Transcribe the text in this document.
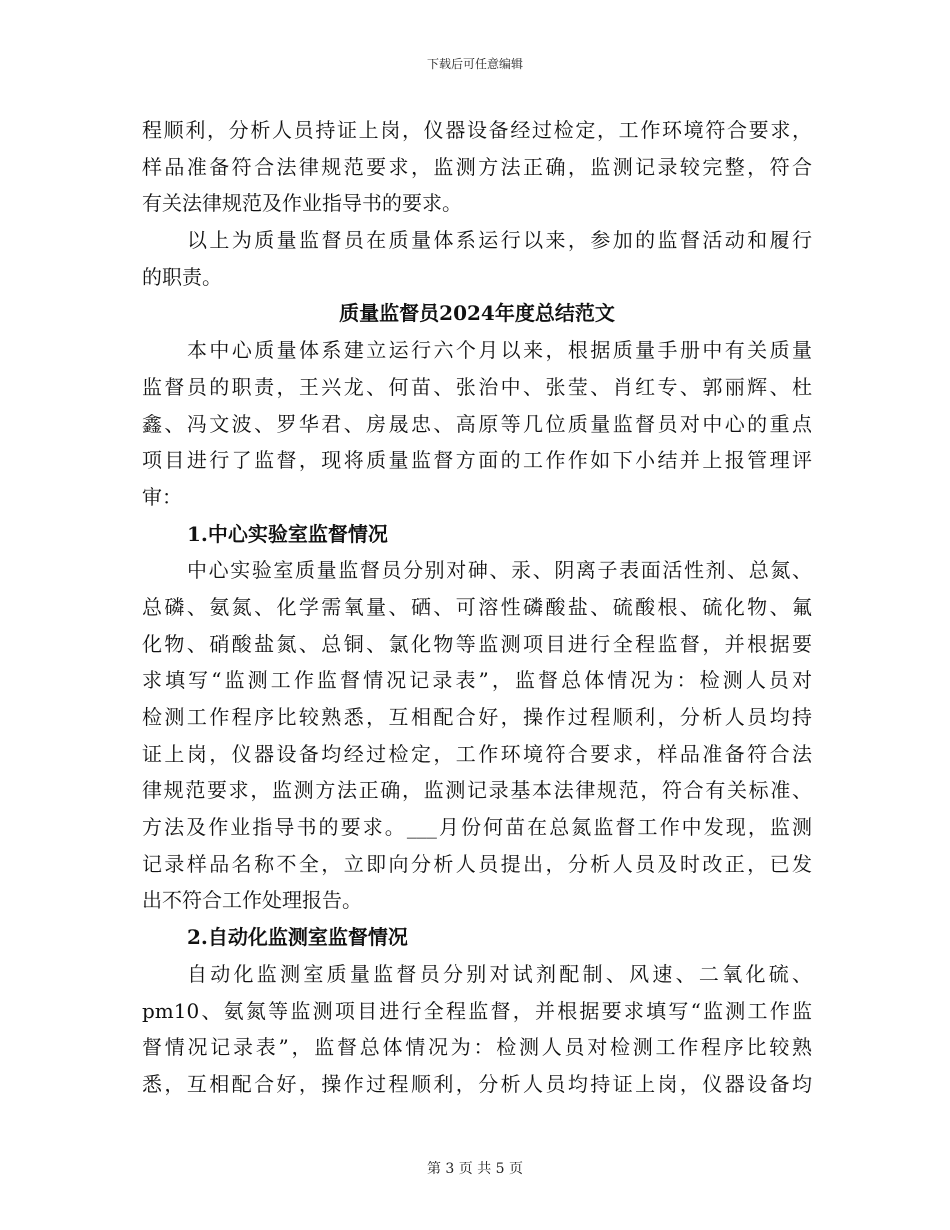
下载后可任意编辑
程顺利，分析人员持证上岗，仪器设备经过检定，工作环境符合要求，
样品准备符合法律规范要求，监测方法正确，监测记录较完整，符合
有关法律规范及作业指导书的要求。
以上为质量监督员在质量体系运行以来，参加的监督活动和履行
的职责。
质量监督员2024年度总结范文
本中心质量体系建立运行六个月以来，根据质量手册中有关质量
监督员的职责，王兴龙、何苗、张治中、张莹、肖红专、郭丽辉、杜
鑫、冯文波、罗华君、房晟忠、高原等几位质量监督员对中心的重点
项目进行了监督，现将质量监督方面的工作作如下小结并上报管理评
审：
1.中心实验室监督情况
中心实验室质量监督员分别对砷、汞、阴离子表面活性剂、总氮、
总磷、氨氮、化学需氧量、硒、可溶性磷酸盐、硫酸根、硫化物、氟
化物、硝酸盐氮、总铜、氯化物等监测项目进行全程监督，并根据要
求填写“监测工作监督情况记录表”，监督总体情况为：检测人员对
检测工作程序比较熟悉，互相配合好，操作过程顺利，分析人员均持
证上岗，仪器设备均经过检定，工作环境符合要求，样品准备符合法
律规范要求，监测方法正确，监测记录基本法律规范，符合有关标准、
方法及作业指导书的要求。___月份何苗在总氮监督工作中发现，监测
记录样品名称不全，立即向分析人员提出，分析人员及时改正，已发
出不符合工作处理报告。
2.自动化监测室监督情况
自动化监测室质量监督员分别对试剂配制、风速、二氧化硫、
pm10、氨氮等监测项目进行全程监督，并根据要求填写“监测工作监
督情况记录表”，监督总体情况为：检测人员对检测工作程序比较熟
悉，互相配合好，操作过程顺利，分析人员均持证上岗，仪器设备均
第 3 页 共 5 页
